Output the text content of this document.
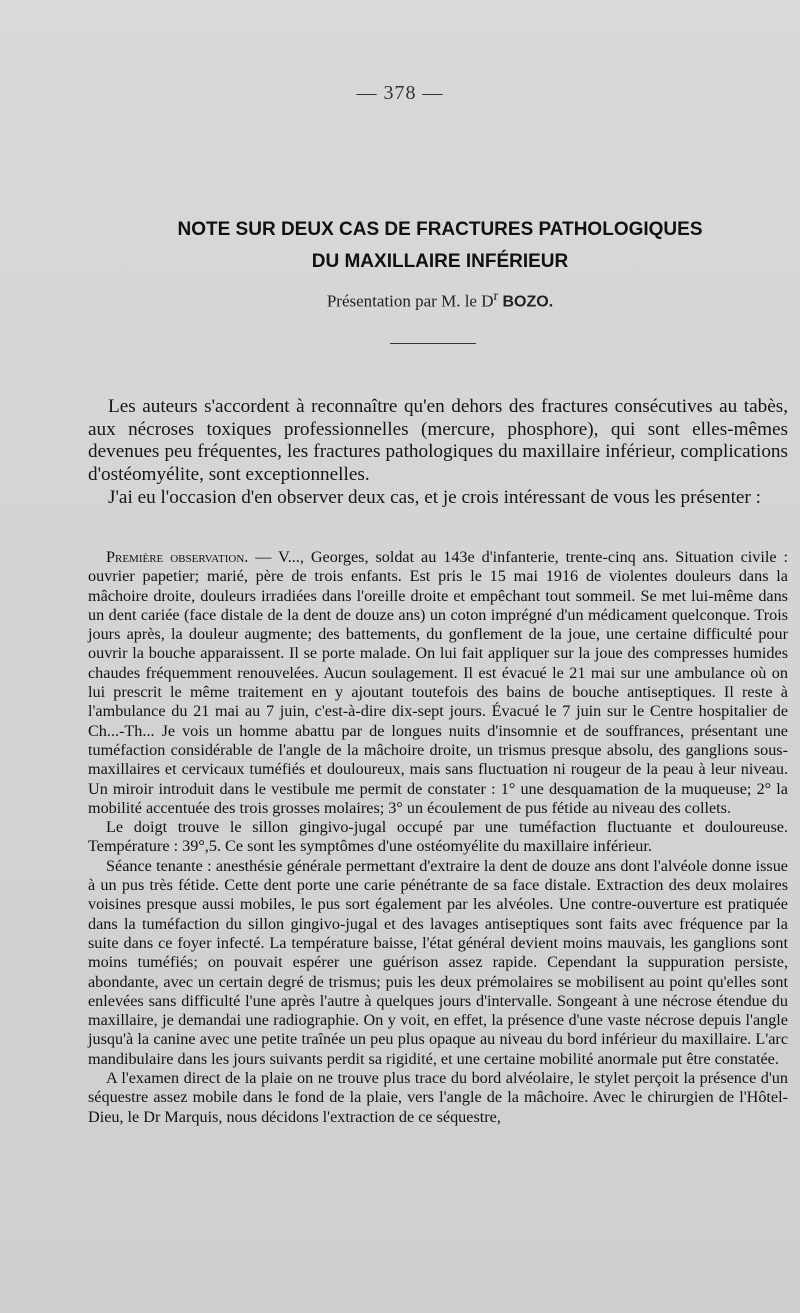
— 378 —
NOTE SUR DEUX CAS DE FRACTURES PATHOLOGIQUES
DU MAXILLAIRE INFÉRIEUR
Présentation par M. le $D^r$ BOZO.

Les auteurs s'accordent à reconnaître qu'en dehors des fractures consécutives au tabès, aux nécroses toxiques professionnelles (mercure, phosphore), qui sont elles-mêmes devenues peu fréquentes, les fractures pathologiques du maxillaire inférieur, complications d'ostéomyélite, sont exceptionnelles.

J'ai eu l'occasion d'en observer deux cas, et je crois intéressant de vous les présenter :

Première observation. — V..., Georges, soldat au 143e d'infanterie, trente-cinq ans. Situation civile : ouvrier papetier; marié, père de trois enfants. Est pris le 15 mai 1916 de violentes douleurs dans la mâchoire droite, douleurs irradiées dans l'oreille droite et empêchant tout sommeil. Se met lui-même dans un dent cariée (face distale de la dent de douze ans) un coton imprégné d'un médicament quelconque. Trois jours après, la douleur augmente; des battements, du gonflement de la joue, une certaine difficulté pour ouvrir la bouche apparaissent. Il se porte malade. On lui fait appliquer sur la joue des compresses humides chaudes fréquemment renouvelées. Aucun soulagement. Il est évacué le 21 mai sur une ambulance où on lui prescrit le même traitement en y ajoutant toutefois des bains de bouche antiseptiques. Il reste à l'ambulance du 21 mai au 7 juin, c'est-à-dire dix-sept jours. Évacué le 7 juin sur le Centre hospitalier de Ch...-Th... Je vois un homme abattu par de longues nuits d'insomnie et de souffrances, présentant une tuméfaction considérable de l'angle de la mâchoire droite, un trismus presque absolu, des ganglions sous-maxillaires et cervicaux tuméfiés et douloureux, mais sans fluctuation ni rougeur de la peau à leur niveau. Un miroir introduit dans le vestibule me permit de constater : 1° une desquamation de la muqueuse; 2° la mobilité accentuée des trois grosses molaires; 3° un écoulement de pus fétide au niveau des collets.

Le doigt trouve le sillon gingivo-jugal occupé par une tuméfaction fluctuante et douloureuse. Température : 39°,5. Ce sont les symptômes d'une ostéomyélite du maxillaire inférieur.

Séance tenante : anesthésie générale permettant d'extraire la dent de douze ans dont l'alvéole donne issue à un pus très fétide. Cette dent porte une carie pénétrante de sa face distale. Extraction des deux molaires voisines presque aussi mobiles, le pus sort également par les alvéoles. Une contre-ouverture est pratiquée dans la tuméfaction du sillon gingivo-jugal et des lavages antiseptiques sont faits avec fréquence par la suite dans ce foyer infecté. La température baisse, l'état général devient moins mauvais, les ganglions sont moins tuméfiés; on pouvait espérer une guérison assez rapide. Cependant la suppuration persiste, abondante, avec un certain degré de trismus; puis les deux prémolaires se mobilisent au point qu'elles sont enlevées sans difficulté l'une après l'autre à quelques jours d'intervalle. Songeant à une nécrose étendue du maxillaire, je demandai une radiographie. On y voit, en effet, la présence d'une vaste nécrose depuis l'angle jusqu'à la canine avec une petite traînée un peu plus opaque au niveau du bord inférieur du maxillaire. L'arc mandibulaire dans les jours suivants perdit sa rigidité, et une certaine mobilité anormale put être constatée.

A l'examen direct de la plaie on ne trouve plus trace du bord alvéolaire, le stylet perçoit la présence d'un séquestre assez mobile dans le fond de la plaie, vers l'angle de la mâchoire. Avec le chirurgien de l'Hôtel-Dieu, le Dr Marquis, nous décidons l'extraction de ce séquestre,
